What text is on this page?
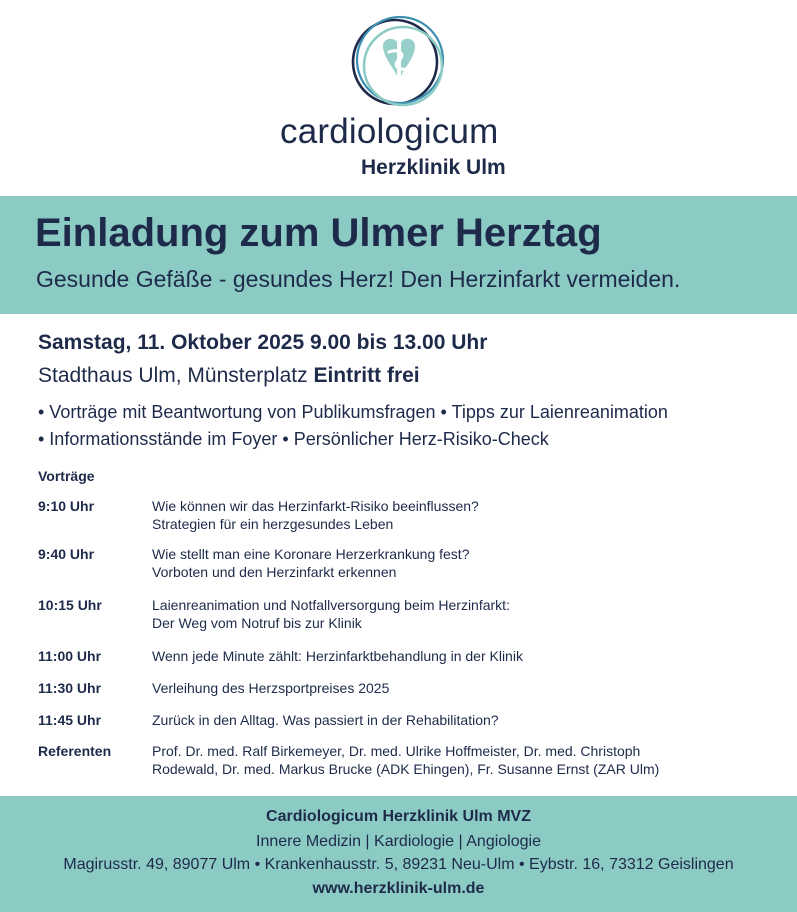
cardiologicum
Herzklinik Ulm
Einladung zum Ulmer Herztag
Gesunde Gefäße - gesundes Herz! Den Herzinfarkt vermeiden.
Samstag, 11. Oktober 2025 9.00 bis 13.00 Uhr
Stadthaus Ulm, Münsterplatz Eintritt frei
• Vorträge mit Beantwortung von Publikumsfragen • Tipps zur Laienreanimation
• Informationsstände im Foyer • Persönlicher Herz-Risiko-Check
Vorträge
9:10 Uhr	Wie können wir das Herzinfarkt-Risiko beeinflussen?
Strategien für ein herzgesundes Leben
9:40 Uhr	Wie stellt man eine Koronare Herzerkrankung fest?
Vorboten und den Herzinfarkt erkennen
10:15 Uhr	Laienreanimation und Notfallversorgung beim Herzinfarkt:
Der Weg vom Notruf bis zur Klinik
11:00 Uhr	Wenn jede Minute zählt: Herzinfarktbehandlung in der Klinik
11:30 Uhr	Verleihung des Herzsportpreises 2025
11:45 Uhr	Zurück in den Alltag. Was passiert in der Rehabilitation?
Referenten	Prof. Dr. med. Ralf Birkemeyer, Dr. med. Ulrike Hoffmeister, Dr. med. Christoph
Rodewald, Dr. med. Markus Brucke (ADK Ehingen), Fr. Susanne Ernst (ZAR Ulm)
Cardiologicum Herzklinik Ulm MVZ
Innere Medizin | Kardiologie | Angiologie
Magirusstr. 49, 89077 Ulm • Krankenhausstr. 5, 89231 Neu-Ulm • Eybstr. 16, 73312 Geislingen
www.herzklinik-ulm.de
